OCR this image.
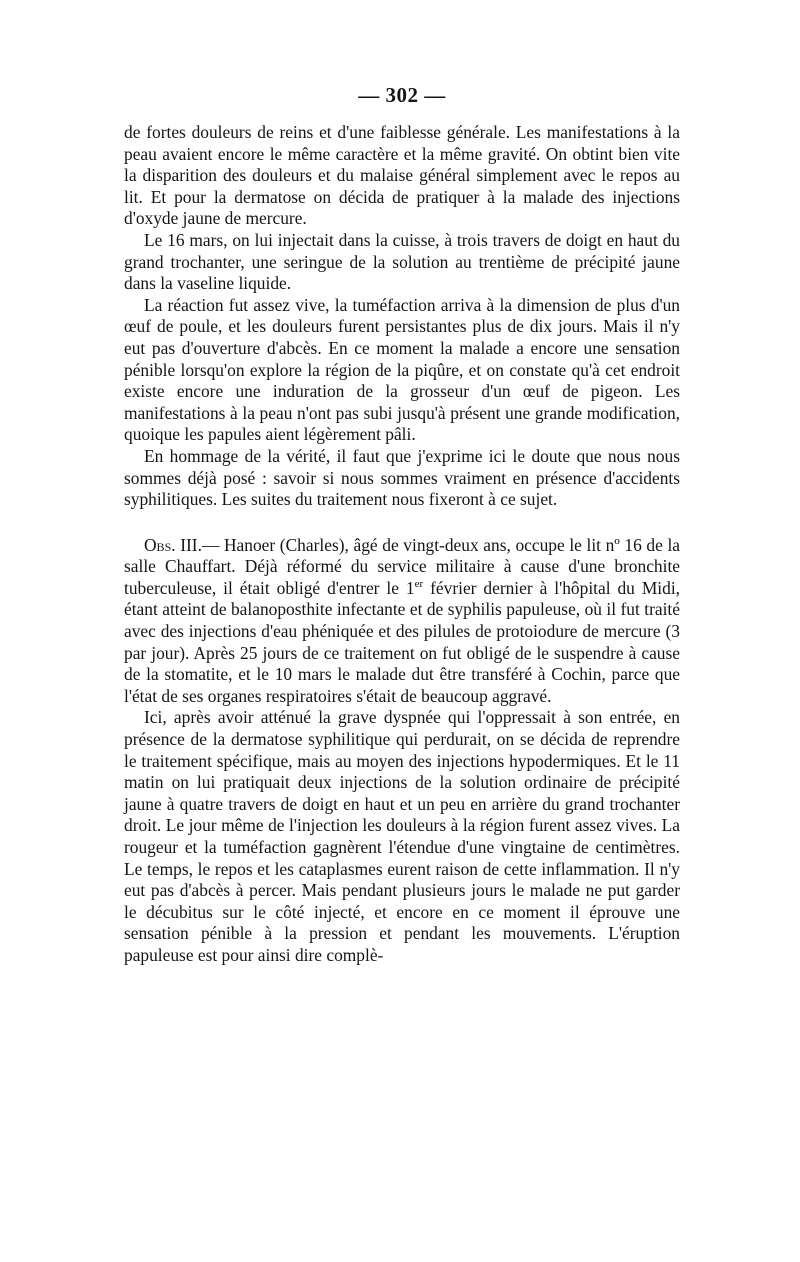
— 302 —

de fortes douleurs de reins et d'une faiblesse générale. Les manifestations à la peau avaient encore le même caractère et la même gravité. On obtint bien vite la disparition des douleurs et du malaise général simplement avec le repos au lit. Et pour la dermatose on décida de pratiquer à la malade des injections d'oxyde jaune de mercure.

Le 16 mars, on lui injectait dans la cuisse, à trois travers de doigt en haut du grand trochanter, une seringue de la solution au trentième de précipité jaune dans la vaseline liquide.

La réaction fut assez vive, la tuméfaction arriva à la dimension de plus d'un œuf de poule, et les douleurs furent persistantes plus de dix jours. Mais il n'y eut pas d'ouverture d'abcès. En ce moment la malade a encore une sensation pénible lorsqu'on explore la région de la piqûre, et on constate qu'à cet endroit existe encore une induration de la grosseur d'un œuf de pigeon. Les manifestations à la peau n'ont pas subi jusqu'à présent une grande modification, quoique les papules aient légèrement pâli.

En hommage de la vérité, il faut que j'exprime ici le doute que nous nous sommes déjà posé : savoir si nous sommes vraiment en présence d'accidents syphilitiques. Les suites du traitement nous fixeront à ce sujet.

Obs. III.— Hanoer (Charles), âgé de vingt-deux ans, occupe le lit nº 16 de la salle Chauffart. Déjà réformé du service militaire à cause d'une bronchite tuberculeuse, il était obligé d'entrer le 1er février dernier à l'hôpital du Midi, étant atteint de balanoposthite infectante et de syphilis papuleuse, où il fut traité avec des injections d'eau phéniquée et des pilules de protoiodure de mercure (3 par jour). Après 25 jours de ce traitement on fut obligé de le suspendre à cause de la stomatite, et le 10 mars le malade dut être transféré à Cochin, parce que l'état de ses organes respiratoires s'était de beaucoup aggravé.

Ici, après avoir atténué la grave dyspnée qui l'oppressait à son entrée, en présence de la dermatose syphilitique qui perdurait, on se décida de reprendre le traitement spécifique, mais au moyen des injections hypodermiques. Et le 11 matin on lui pratiquait deux injections de la solution ordinaire de précipité jaune à quatre travers de doigt en haut et un peu en arrière du grand trochanter droit. Le jour même de l'injection les douleurs à la région furent assez vives. La rougeur et la tuméfaction gagnèrent l'étendue d'une vingtaine de centimètres. Le temps, le repos et les cataplasmes eurent raison de cette inflammation. Il n'y eut pas d'abcès à percer. Mais pendant plusieurs jours le malade ne put garder le décubitus sur le côté injecté, et encore en ce moment il éprouve une sensation pénible à la pression et pendant les mouvements. L'éruption papuleuse est pour ainsi dire complè-
